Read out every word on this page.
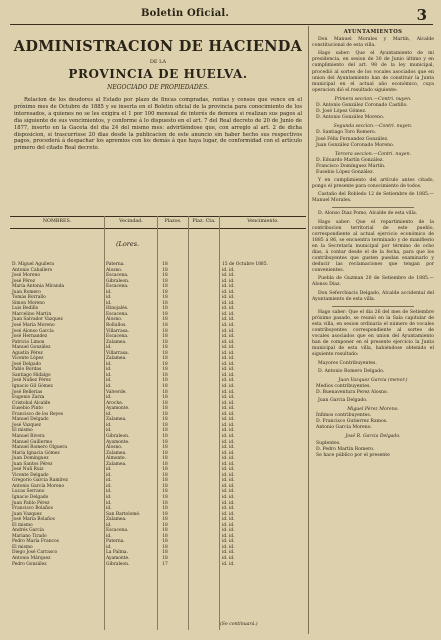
Boletin Oficial.	3
ADMINISTRACION DE HACIENDA
DE LA
PROVINCIA DE HUELVA.
NEGOCIADO DE PROPIEDADES.
Relacion de los deudores al Estado por plazo de fincas compradas, rentas y censos que vence en el próximo mes de Octubre de 1885 y se inserta en el Boletin oficial de la provincia para conocimiento de los interesados, a quienes no se les exigira el 1 por 100 mensual de interés de demora si realizan sus pagos al dia siguiente de sus vencimientos, y conforme á lo dispuesto en el art. 7 del Real decreto de 20 de Junio de 1877, inserto en la Gaceta del dia 24 del mismo mes: advirtiéndose que, con arreglo al art. 2 de dicha disposicion, si trascurrisse 20 dias desde la publicacion de este anuncio sin haber hecho sus respectivos pagos, procederá á despachar los apremios con los demás á que haya lugar, de conformidad con el artículo primero del citado Real decreto.
NOMBRES.	Vecindad.	Plazos.	Plaz. Cta.	Vencimiento.
(Lores.
D. Miguel Aguilera	Paterna.	18	15 de Octubre 1885.
Antonio Caballero	Alosno.	18	id. id.
José Moreno	Escacena.	18	id. id.
José Pérez	Gibraleon.	18	id. id.
María Antonia Miranda	Escacena.	18	id. id.
Juan Romero	id.	18	id. id.
Tomás Borrallo	id.	18	id. id.
Simon Moreno	id.	18	id. id.
Luis Bedillo	Hinojalés.	18	id. id.
Marcelino Martin	Escacena.	18	id. id.
Juan Salvador Vazquez	Alosno.	18	id. id.
José María Moreno	Bollullos.	18	id. id.
José Alonso García	Villarrasa.	18	id. id.
José Hernandez	Escacena.	18	id. id.
Patricio Limon	Zalamea.	18	id. id.
Manuel González	id.	18	id. id.
Agustín Pérez	Villarrasa.	18	id. id.
Vicente López	Zalamea.	18	id. id.
José Delgado	id.	18	id. id.
Pablo Bordas	id.	18	id. id.
Santiago Hidalgo	id.	18	id. id.
José Nuñez Pérez	id.	18	id. id.
Ignacio Gil Gómez	id.	18	id. id.
José Bellerías	Valverde.	18	id. id.
Eugenio Zarza	id.	18	id. id.
Cristobal Alcalde	Aroche.	18	id. id.
Eusebio Pinto	Ayamonte.	18	id. id.
Francisco de los Reyes	id.	18	id. id.
Manuel Delgado	Zalamea.	18	id. id.
José Vazquez	id.	18	id. id.
El mismo	id.	18	id. id.
Manuel Rivera	Gibraleon.	18	id. id.
Manuel Guillermo	Ayamonte.	18	id. id.
Manuel Romero Olguera	Alosno.	18	id. id.
María Ignacia Gómez	Zalamea.	18	id. id.
Juan Domínguez	Almonte.	18	id. id.
Juan Santos Pérez	Zalamea.	18	id. id.
José Nuñ Ruiz	id.	18	id. id.
Vicente Delgado	id.	18	id. id.
Gregorio Garcia Ramírez	id.	18	id. id.
Antonio García Moreno	id.	18	id. id.
Lucas Serrano	id.	18	id. id.
Ignacio Delgado	id.	18	id. id.
Juan Pablo Pérez	id.	18	id. id.
Francisco Bolaños	id.	18	id. id.
Juan Vazquez	San Bartolomé.	18	id. id.
José María Bolaños	Zalamea.	18	id. id.
El mismo	id.	18	id. id.
Andrés García	Escacena.	18	id. id.
Mariano Tirado	id.	18	id. id.
Pedro María Francos	Paterna.	18	id. id.
El mismo	id.	18	id. id.
Diego José Carrasco	La Palma.	18	id. id.
Antonio Márquez	Ayamonte.	18	id. id.
Pedro González	Gibraleon.	17	id. id.
(Se continuará.)
AYUNTAMIENTOS
Don Manuel Morales y Martín, Alcalde constitucional de esta villa.
Hago saber: Que el Ayuntamiento de mi presidencia, en sesion de 30 de Junio último y en cumplimiento del art. 98 de la ley municipal, procedió al sorteo de los vocales asociados que en union del Ayuntamiento han de constituir la Junta municipal en el actual año económico, cuya operacion dió el resultado siguiente:
Primera seccion.—Contri. nuyen.
D. Antonio González Coronado Castillo.
D. José López Gómez.
D. Antonio González Moreno.
Segunda seccion.—Contri. nuyen.
D. Santiago Toro Romero.
José Félix Fernandez González.
Juan González Coronado Moreno.
Tercera seccion.—Contri. nuyen.
D. Eduardo Martín González.
Francisco Domínguez Martín.
Eusebio López González.
Y en cumplimiento del artículo antes citado, pongo el presente para conocimiento de todos.
Castaño del Robledo 12 de Setiembre de 1885.—Manuel Morales.
D. Alonso Diaz Pomo, Alcalde de esta villa.
Hago saber: Que el repartimiento de la contribucion territorial de este pueblo, correspondiente al actual ejercicio económico de 1885 á 86, se encuentra terminado y de manifiesto en la Secretaría municipal por término de ocho dias, á contar desde el de la fecha, para que los contribuyentes que gusten puedan examinarlo y deducir las reclamaciones que tengan por convenientes.
Puebla de Guzman 20 de Setiembre de 1885.—Alonso Diaz.
Don Seferchiacis Delgado, Alcalde accidental del Ayuntamiento de esta villa.
Hago saber: Que el dia 26 del mes de Setiembre próximo pasado, se reunió en la Sala capitular de esta villa, en sesion ordinaria el número de vocales contribuyentes correspondiente al sorteo de vocales asociados que en union del Ayuntamiento han de componer en el presente ejercicio la Junta municipal de esta villa, habiéndose obtenido el siguiente resultado:
Mayores Contribuyentes.
D. Antonio Romero Delgado.
Juan Vazquez Garcia (menor.)
Medios contribuyentes.
D. Buenaventura Perez Alosno.
Juan Garcia Delgado.
Miguel Pérez Moreno.
Ínfimos contribuyentes.
D. Francisco Gutierrez Ramos.
Antonio Garcia Moreno.
José R. Garcia Delgado.
Suplentes.
D. Pedro Martín Romero.
Se hace público por el presente
